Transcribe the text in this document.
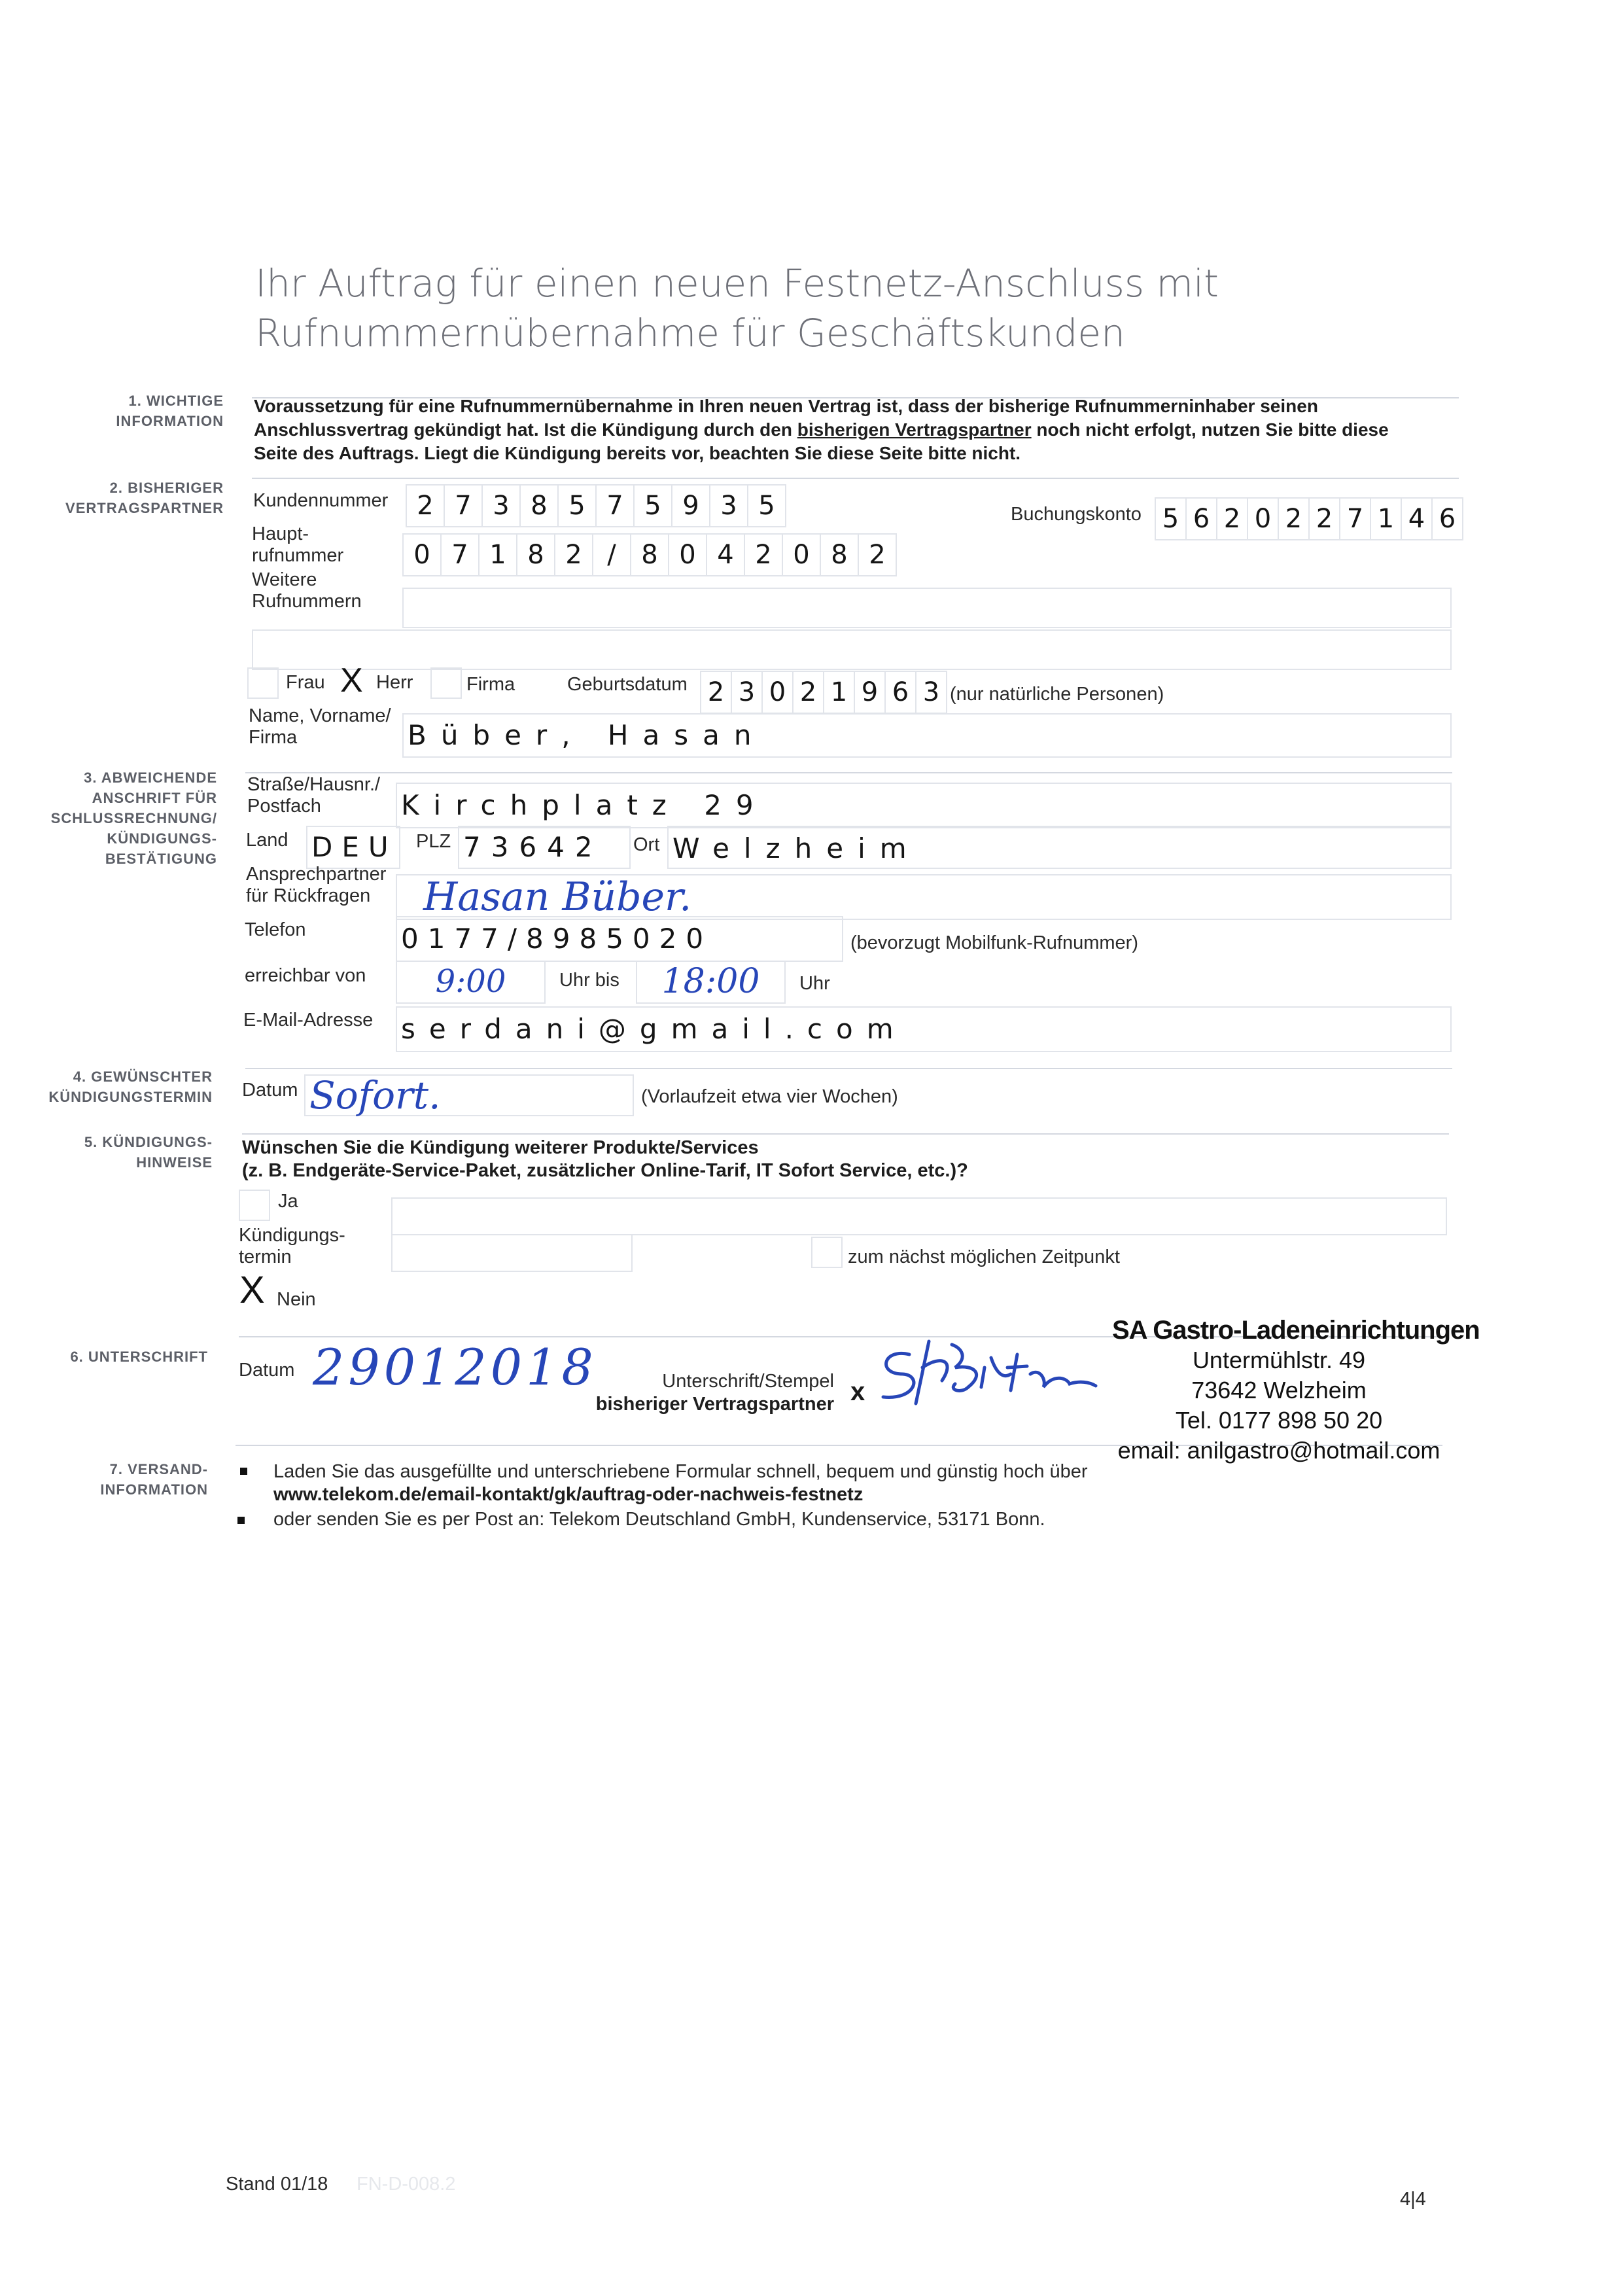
Ihr Auftrag für einen neuen Festnetz-Anschluss mit
Rufnummernübernahme für Geschäftskunden
1. WICHTIGE
INFORMATION
2. BISHERIGER
VERTRAGSPARTNER
3. ABWEICHENDE
ANSCHRIFT FÜR
SCHLUSSRECHNUNG/
KÜNDIGUNGS-
BESTÄTIGUNG
4. GEWÜNSCHTER
KÜNDIGUNGSTERMIN
5. KÜNDIGUNGS-
HINWEISE
6. UNTERSCHRIFT
7. VERSAND-
INFORMATION
Voraussetzung für eine Rufnummernübernahme in Ihren neuen Vertrag ist, dass der bisherige Rufnummerninhaber seinen
Anschlussvertrag gekündigt hat. Ist die Kündigung durch den bisherigen Vertragspartner noch nicht erfolgt, nutzen Sie bitte diese
Seite des Auftrags. Liegt die Kündigung bereits vor, beachten Sie diese Seite bitte nicht.
Kundennummer	2 7 3 8 5 7 5 9 3 5	Buchungskonto 5 6 2 0 2 2 7 1 4 6
Haupt-
rufnummer	0 7 1 8 2 / 8 0 4 2 0 8 2
Weitere
Rufnummern
Frau X Herr	Firma	Geburtsdatum 2 3 0 2 1 9 6 3 (nur natürliche Personen)
Name, Vorname/
Firma	Büber, Hasan
Straße/Hausnr./
Postfach	Kirchplatz 29
Land DEU PLZ 73642	Ort Welzheim
Ansprechpartner
für Rückfragen	Hasan Büber.
Telefon	0177/8985020	(bevorzugt Mobilfunk-Rufnummer)
erreichbar von	9:00	Uhr bis	18:00	Uhr
E-Mail-Adresse serdani@gmail.com
Datum Sofort.	(Vorlaufzeit etwa vier Wochen)
Wünschen Sie die Kündigung weiterer Produkte/Services
(z. B. Endgeräte-Service-Paket, zusätzlicher Online-Tarif, IT Sofort Service, etc.)?
Ja
Kündigungs-
termin	zum nächst möglichen Zeitpunkt
X Nein
Datum 29012018	Unterschrift/Stempel
bisheriger Vertragspartner x
SA Gastro-Ladeneinrichtungen
Untermühlstr. 49
73642 Welzheim
Tel. 0177 898 50 20
email: anilgastro@hotmail.com
Laden Sie das ausgefüllte und unterschriebene Formular schnell, bequem und günstig hoch über
www.telekom.de/email-kontakt/gk/auftrag-oder-nachweis-festnetz
oder senden Sie es per Post an: Telekom Deutschland GmbH, Kundenservice, 53171 Bonn.
Stand 01/18 FN-D-008.2
4|4
